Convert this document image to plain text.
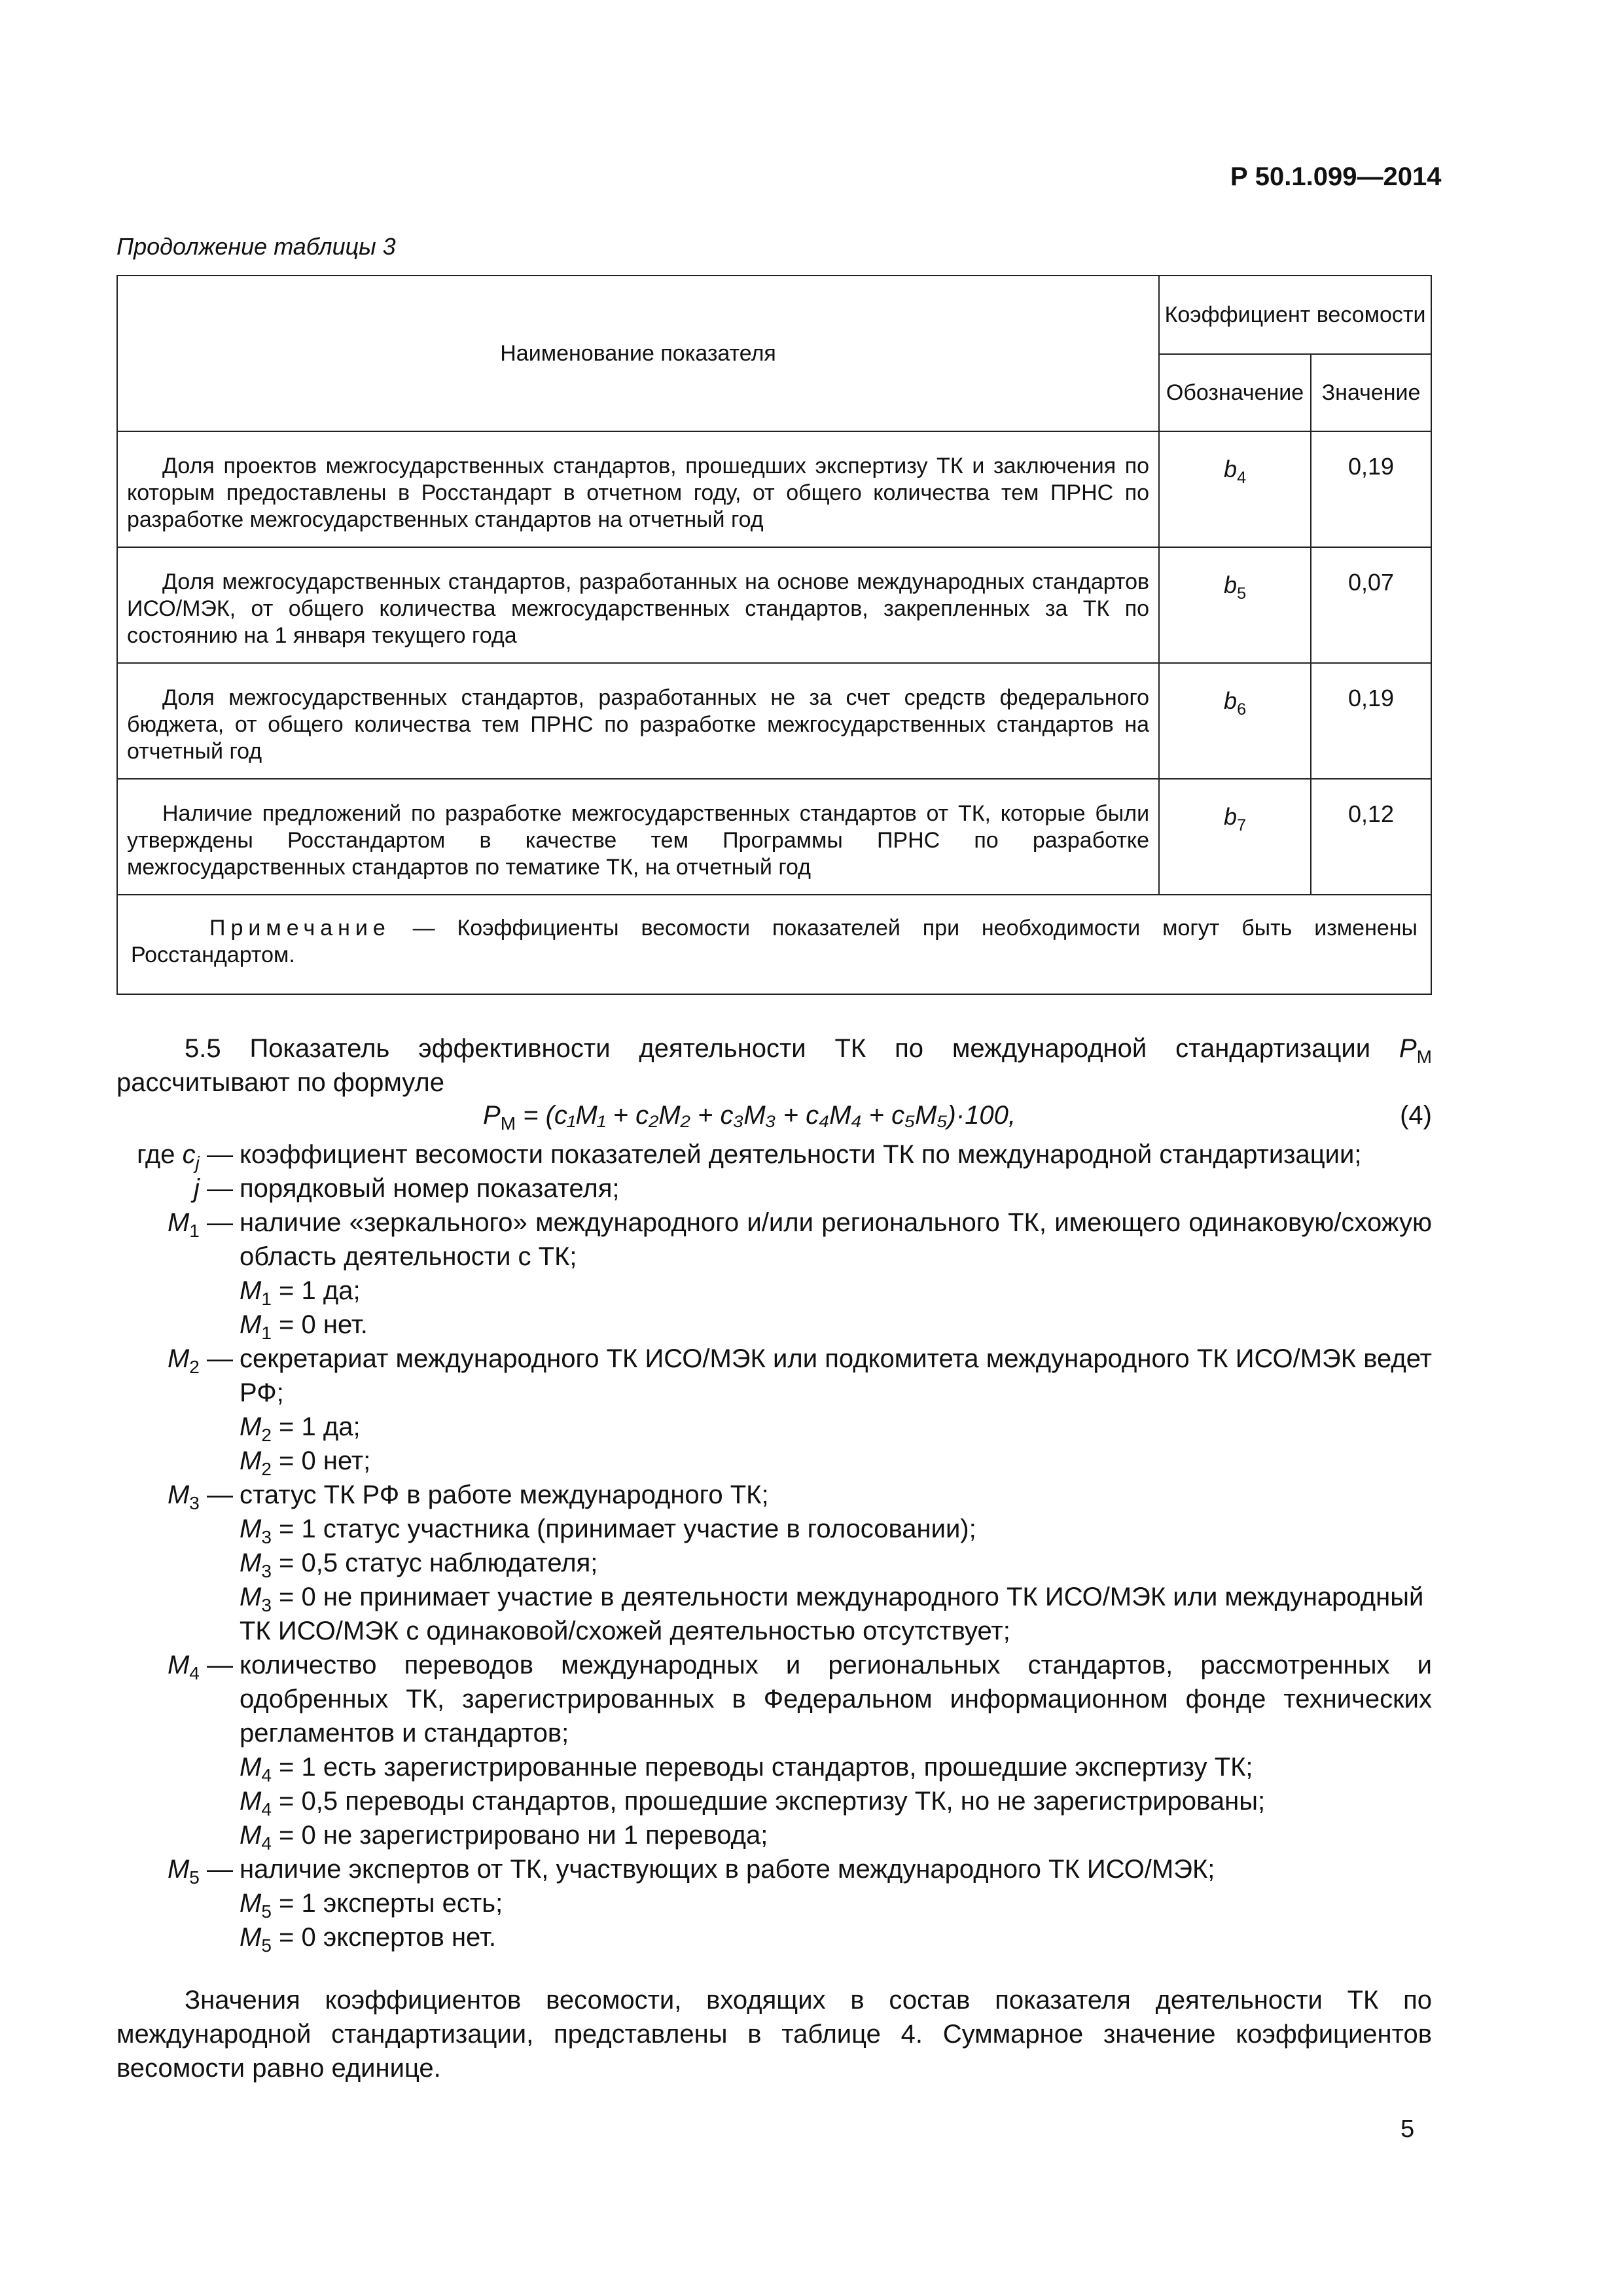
Р 50.1.099—2014
Продолжение таблицы 3
Наименование показателя	Коэффициент весомости	
	Обозначение	Значение
Доля проектов межгосударственных стандартов, прошедших экспертизу ТК и заключения по которым предоставлены в Росстандарт в отчетном году, от общего количества тем ПРНС по разработке межгосударственных стандартов на отчетный год	$b_4$	0,19
Доля межгосударственных стандартов, разработанных на основе международных стандартов ИСО/МЭК, от общего количества межгосударственных стандартов, закрепленных за ТК по состоянию на 1 января текущего года	$b_5$	0,07
Доля межгосударственных стандартов, разработанных не за счет средств федерального бюджета, от общего количества тем ПРНС по разработке межгосударственных стандартов на отчетный год	$b_6$	0,19
Наличие предложений по разработке межгосударственных стандартов от ТК, которые были утверждены Росстандартом в качестве тем Программы ПРНС по разработке межгосударственных стандартов по тематике ТК, на отчетный год	$b_7$	0,12
Примечание — Коэффициенты весомости показателей при необходимости могут быть изменены Росстандартом.		
5.5 Показатель эффективности деятельности ТК по международной стандартизации $P_M$ рассчитывают по формуле
$P_M = (c_1M_1 + c_2M_2 + c_3M_3 + c_4M_4 + c_5M_5)\cdot 100$,	(4)
где $c_j$ — коэффициент весомости показателей деятельности ТК по международной стандартизации;
j — порядковый номер показателя;
$M_1$ — наличие «зеркального» международного и/или регионального ТК, имеющего одинаковую/схожую область деятельности с ТК;
$M_1 = 1$ да;
$M_1 = 0$ нет.
$M_2$ — секретариат международного ТК ИСО/МЭК или подкомитета международного ТК ИСО/МЭК ведет РФ;
$M_2 = 1$ да;
$M_2 = 0$ нет;
$M_3$ — статус ТК РФ в работе международного ТК;
$M_3 = 1$ статус участника (принимает участие в голосовании);
$M_3 = 0,5$ статус наблюдателя;
$M_3 = 0$ не принимает участие в деятельности международного ТК ИСО/МЭК или международный ТК ИСО/МЭК с одинаковой/схожей деятельностью отсутствует;
$M_4$ — количество переводов международных и региональных стандартов, рассмотренных и одобренных ТК, зарегистрированных в Федеральном информационном фонде технических регламентов и стандартов;
$M_4 = 1$ есть зарегистрированные переводы стандартов, прошедшие экспертизу ТК;
$M_4 = 0,5$ переводы стандартов, прошедшие экспертизу ТК, но не зарегистрированы;
$M_4 = 0$ не зарегистрировано ни 1 перевода;
$M_5$ — наличие экспертов от ТК, участвующих в работе международного ТК ИСО/МЭК;
$M_5 = 1$ эксперты есть;
$M_5 = 0$ экспертов нет.
Значения коэффициентов весомости, входящих в состав показателя деятельности ТК по международной стандартизации, представлены в таблице 4. Суммарное значение коэффициентов весомости равно единице.
5
